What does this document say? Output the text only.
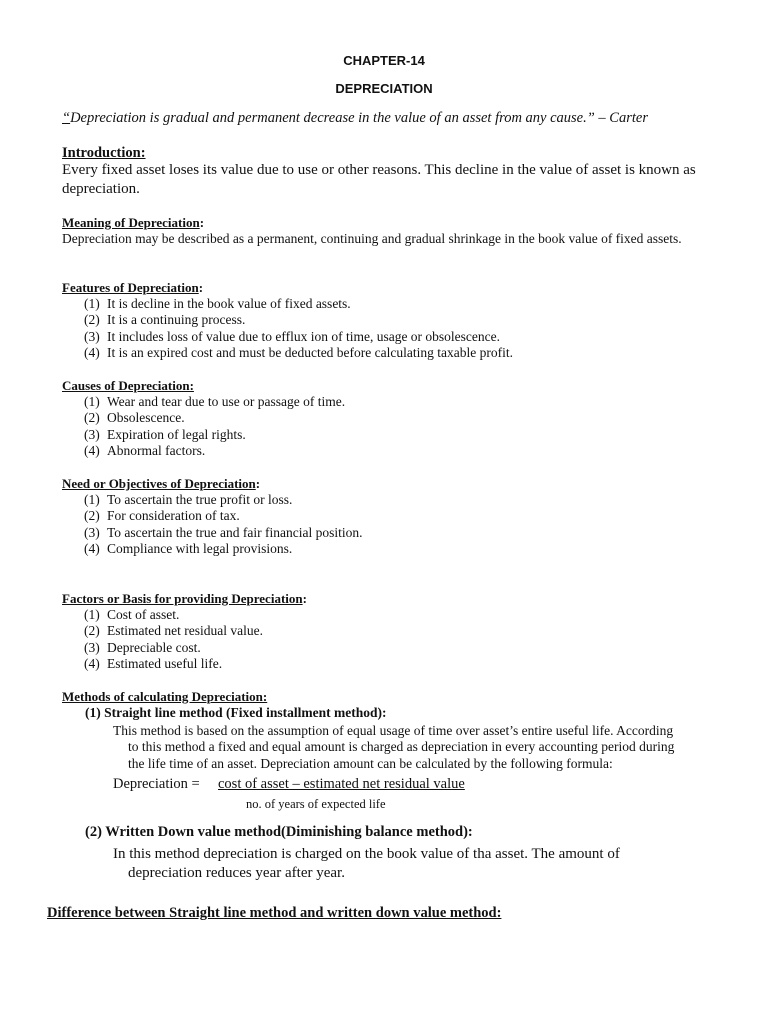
CHAPTER-14
DEPRECIATION
“Depreciation is gradual and permanent decrease in the value of an asset from any cause.” – Carter
Introduction:
Every fixed asset loses its value due to use or other reasons. This decline in the value of asset is known as depreciation.
Meaning of Depreciation:
Depreciation may be described as a permanent, continuing and gradual shrinkage in the book value of fixed assets.
Features of Depreciation:
(1) It is decline in the book value of fixed assets.
(2) It is a continuing process.
(3) It includes loss of value due to efflux ion of time, usage or obsolescence.
(4) It is an expired cost and must be deducted before calculating taxable profit.
Causes of Depreciation:
(1) Wear and tear due to use or passage of time.
(2) Obsolescence.
(3) Expiration of legal rights.
(4) Abnormal factors.
Need or Objectives of Depreciation:
(1) To ascertain the true profit or loss.
(2) For consideration of tax.
(3) To ascertain the true and fair financial position.
(4) Compliance with legal provisions.
Factors or Basis for providing Depreciation:
(1) Cost of asset.
(2) Estimated net residual value.
(3) Depreciable cost.
(4) Estimated useful life.
Methods of calculating Depreciation:
(1) Straight line method (Fixed installment method):
This method is based on the assumption of equal usage of time over asset’s entire useful life. According
to this method a fixed and equal amount is charged as depreciation in every accounting period during
the life time of an asset. Depreciation amount can be calculated by the following formula:
Depreciation = cost of asset – estimated net residual value
no. of years of expected life
(2) Written Down value method(Diminishing balance method):
In this method depreciation is charged on the book value of tha asset. The amount of
depreciation reduces year after year.
Difference between Straight line method and written down value method:
